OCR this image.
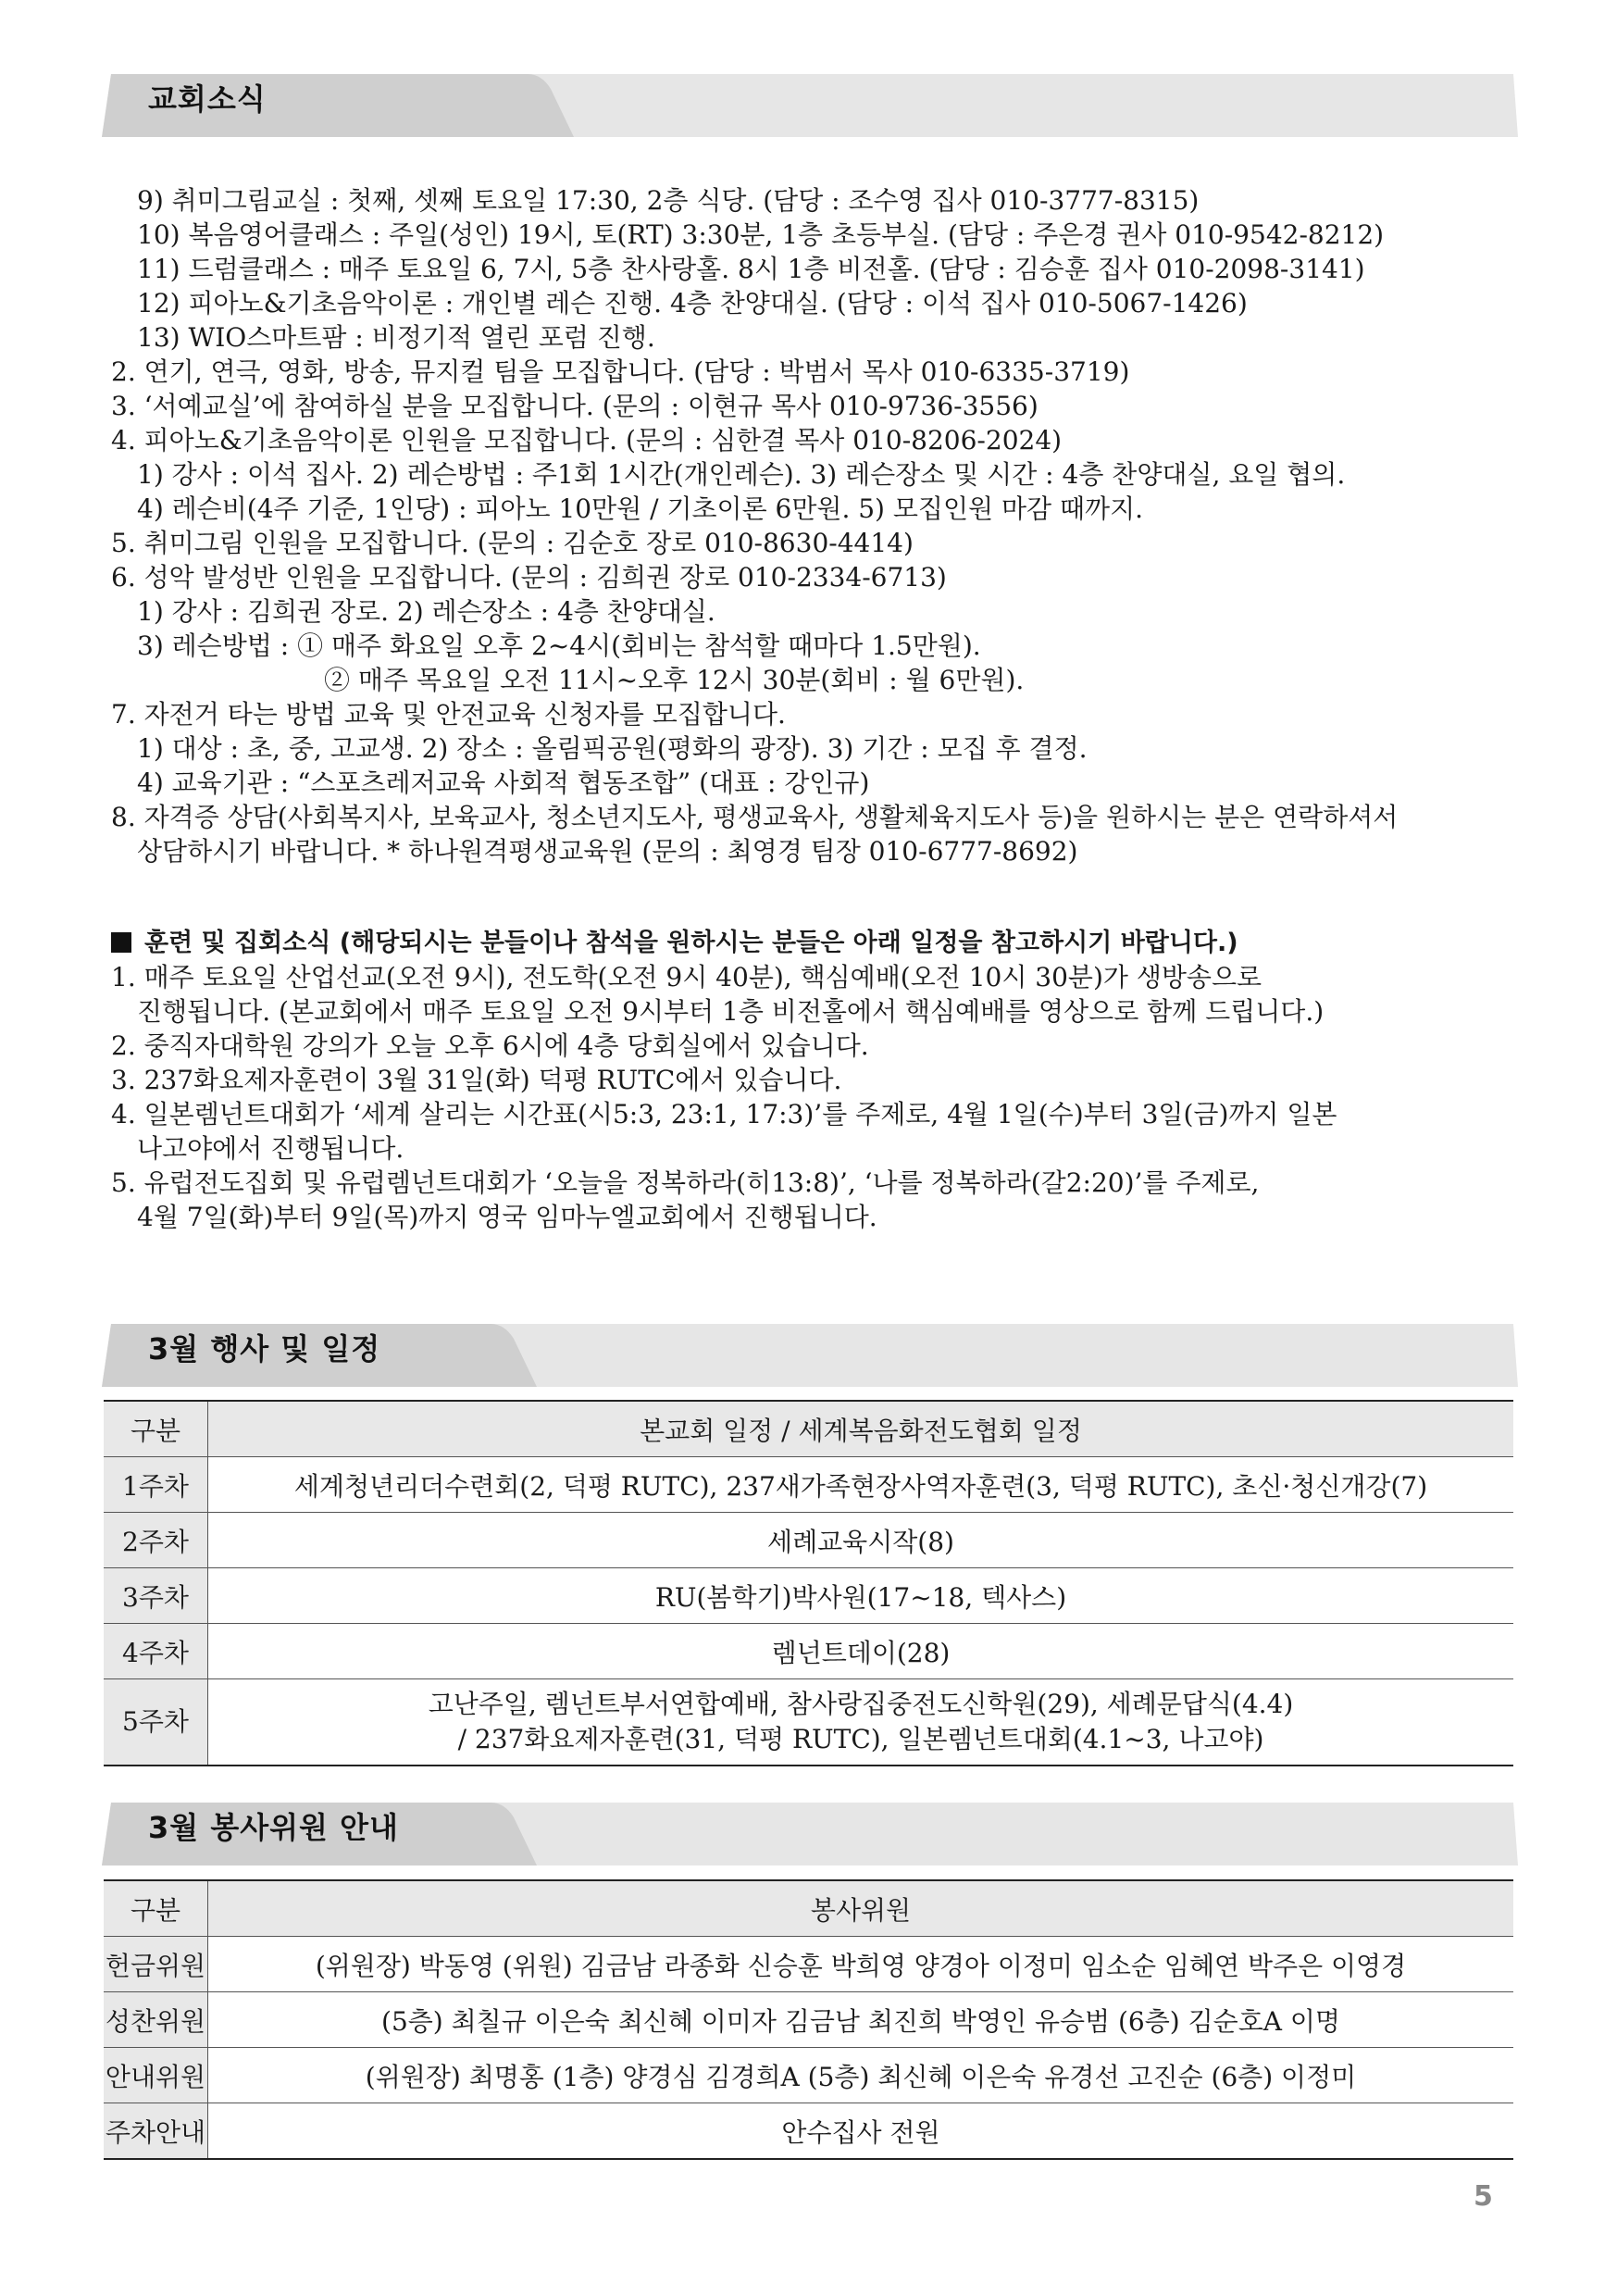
교회소식
9) 취미그림교실 : 첫째, 셋째 토요일 17:30, 2층 식당. (담당 : 조수영 집사 010-3777-8315)
10) 복음영어클래스 : 주일(성인) 19시, 토(RT) 3:30분, 1층 초등부실. (담당 : 주은경 권사 010-9542-8212)
11) 드럼클래스 : 매주 토요일 6, 7시, 5층 찬사랑홀. 8시 1층 비전홀. (담당 : 김승훈 집사 010-2098-3141)
12) 피아노&기초음악이론 : 개인별 레슨 진행. 4층 찬양대실. (담당 : 이석 집사 010-5067-1426)
13) WIO스마트팜 : 비정기적 열린 포럼 진행.
2. 연기, 연극, 영화, 방송, 뮤지컬 팀을 모집합니다. (담당 : 박범서 목사 010-6335-3719)
3. ‘서예교실’에 참여하실 분을 모집합니다. (문의 : 이현규 목사 010-9736-3556)
4. 피아노&기초음악이론 인원을 모집합니다. (문의 : 심한결 목사 010-8206-2024)
1) 강사 : 이석 집사. 2) 레슨방법 : 주1회 1시간(개인레슨). 3) 레슨장소 및 시간 : 4층 찬양대실, 요일 협의.
4) 레슨비(4주 기준, 1인당) : 피아노 10만원 / 기초이론 6만원. 5) 모집인원 마감 때까지.
5. 취미그림 인원을 모집합니다. (문의 : 김순호 장로 010-8630-4414)
6. 성악 발성반 인원을 모집합니다. (문의 : 김희권 장로 010-2334-6713)
1) 강사 : 김희권 장로. 2) 레슨장소 : 4층 찬양대실.
3) 레슨방법 : ① 매주 화요일 오후 2~4시(회비는 참석할 때마다 1.5만원).
② 매주 목요일 오전 11시~오후 12시 30분(회비 : 월 6만원).
7. 자전거 타는 방법 교육 및 안전교육 신청자를 모집합니다.
1) 대상 : 초, 중, 고교생. 2) 장소 : 올림픽공원(평화의 광장). 3) 기간 : 모집 후 결정.
4) 교육기관 : “스포츠레저교육 사회적 협동조합” (대표 : 강인규)
8. 자격증 상담(사회복지사, 보육교사, 청소년지도사, 평생교육사, 생활체육지도사 등)을 원하시는 분은 연락하셔서
상담하시기 바랍니다. * 하나원격평생교육원 (문의 : 최영경 팀장 010-6777-8692)
훈련 및 집회소식 (해당되시는 분들이나 참석을 원하시는 분들은 아래 일정을 참고하시기 바랍니다.)
1. 매주 토요일 산업선교(오전 9시), 전도학(오전 9시 40분), 핵심예배(오전 10시 30분)가 생방송으로
진행됩니다. (본교회에서 매주 토요일 오전 9시부터 1층 비전홀에서 핵심예배를 영상으로 함께 드립니다.)
2. 중직자대학원 강의가 오늘 오후 6시에 4층 당회실에서 있습니다.
3. 237화요제자훈련이 3월 31일(화) 덕평 RUTC에서 있습니다.
4. 일본렘넌트대회가 ‘세계 살리는 시간표(시5:3, 23:1, 17:3)’를 주제로, 4월 1일(수)부터 3일(금)까지 일본
나고야에서 진행됩니다.
5. 유럽전도집회 및 유럽렘넌트대회가 ‘오늘을 정복하라(히13:8)’, ‘나를 정복하라(갈2:20)’를 주제로,
4월 7일(화)부터 9일(목)까지 영국 임마누엘교회에서 진행됩니다.
3월 행사 및 일정
구분	본교회 일정 / 세계복음화전도협회 일정
1주차	세계청년리더수련회(2, 덕평 RUTC), 237새가족현장사역자훈련(3, 덕평 RUTC), 초신·청신개강(7)
2주차	세례교육시작(8)
3주차	RU(봄학기)박사원(17~18, 텍사스)
4주차	렘넌트데이(28)
5주차	고난주일, 렘넌트부서연합예배, 참사랑집중전도신학원(29), 세례문답식(4.4)
/ 237화요제자훈련(31, 덕평 RUTC), 일본렘넌트대회(4.1~3, 나고야)
3월 봉사위원 안내
구분	봉사위원
헌금위원	(위원장) 박동영 (위원) 김금남 라종화 신승훈 박희영 양경아 이정미 임소순 임혜연 박주은 이영경
성찬위원	(5층) 최칠규 이은숙 최신혜 이미자 김금남 최진희 박영인 유승범 (6층) 김순호A 이명
안내위원	(위원장) 최명홍 (1층) 양경심 김경희A (5층) 최신혜 이은숙 유경선 고진순 (6층) 이정미
주차안내	안수집사 전원
5
